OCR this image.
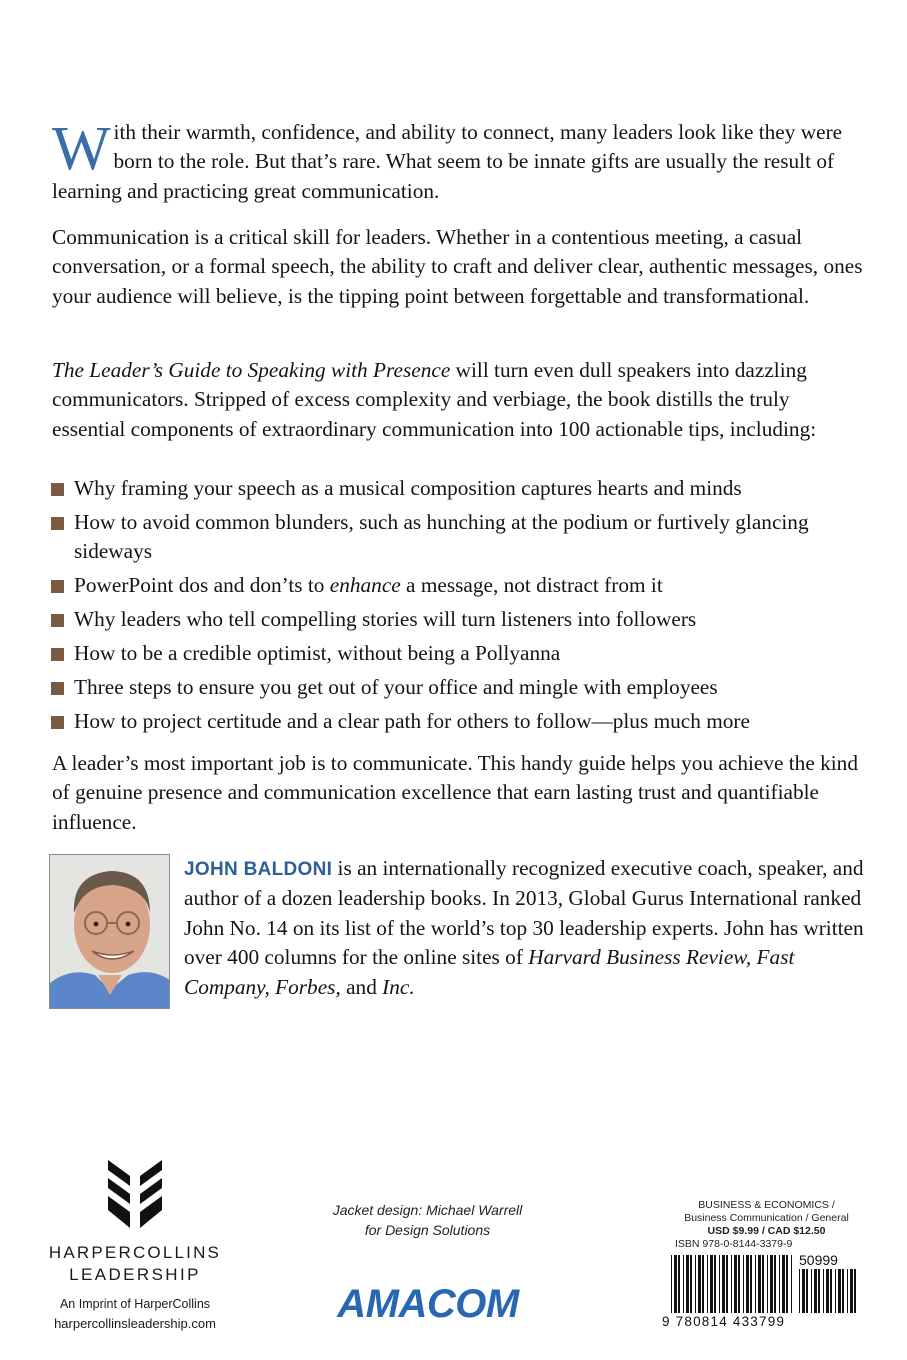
With their warmth, confidence, and ability to connect, many leaders look like they were born to the role. But that’s rare. What seem to be innate gifts are usually the result of learning and practicing great communication.

Communication is a critical skill for leaders. Whether in a contentious meeting, a casual conversation, or a formal speech, the ability to craft and deliver clear, authentic messages, ones your audience will believe, is the tipping point between forgettable and transformational.

The Leader’s Guide to Speaking with Presence will turn even dull speakers into dazzling communicators. Stripped of excess complexity and verbiage, the book distills the truly essential components of extraordinary communication into 100 actionable tips, including:

Why framing your speech as a musical composition captures hearts and minds
How to avoid common blunders, such as hunching at the podium or furtively glancing sideways
PowerPoint dos and don’ts to enhance a message, not distract from it
Why leaders who tell compelling stories will turn listeners into followers
How to be a credible optimist, without being a Pollyanna
Three steps to ensure you get out of your office and mingle with employees
How to project certitude and a clear path for others to follow—plus much more

A leader’s most important job is to communicate. This handy guide helps you achieve the kind of genuine presence and communication excellence that earn lasting trust and quantifiable influence.

JOHN BALDONI is an internationally recognized executive coach, speaker, and author of a dozen leadership books. In 2013, Global Gurus International ranked John No. 14 on its list of the world’s top 30 leadership experts. John has written over 400 columns for the online sites of Harvard Business Review, Fast Company, Forbes, and Inc.

HARPERCOLLINS
LEADERSHIP
An Imprint of HarperCollins
harpercollinsleadership.com
Jacket design: Michael Warrell
for Design Solutions
AMACOM
BUSINESS & ECONOMICS /
Business Communication / General
USD $9.99 / CAD $12.50
ISBN 978-0-8144-3379-9
50999
9 780814 433799
